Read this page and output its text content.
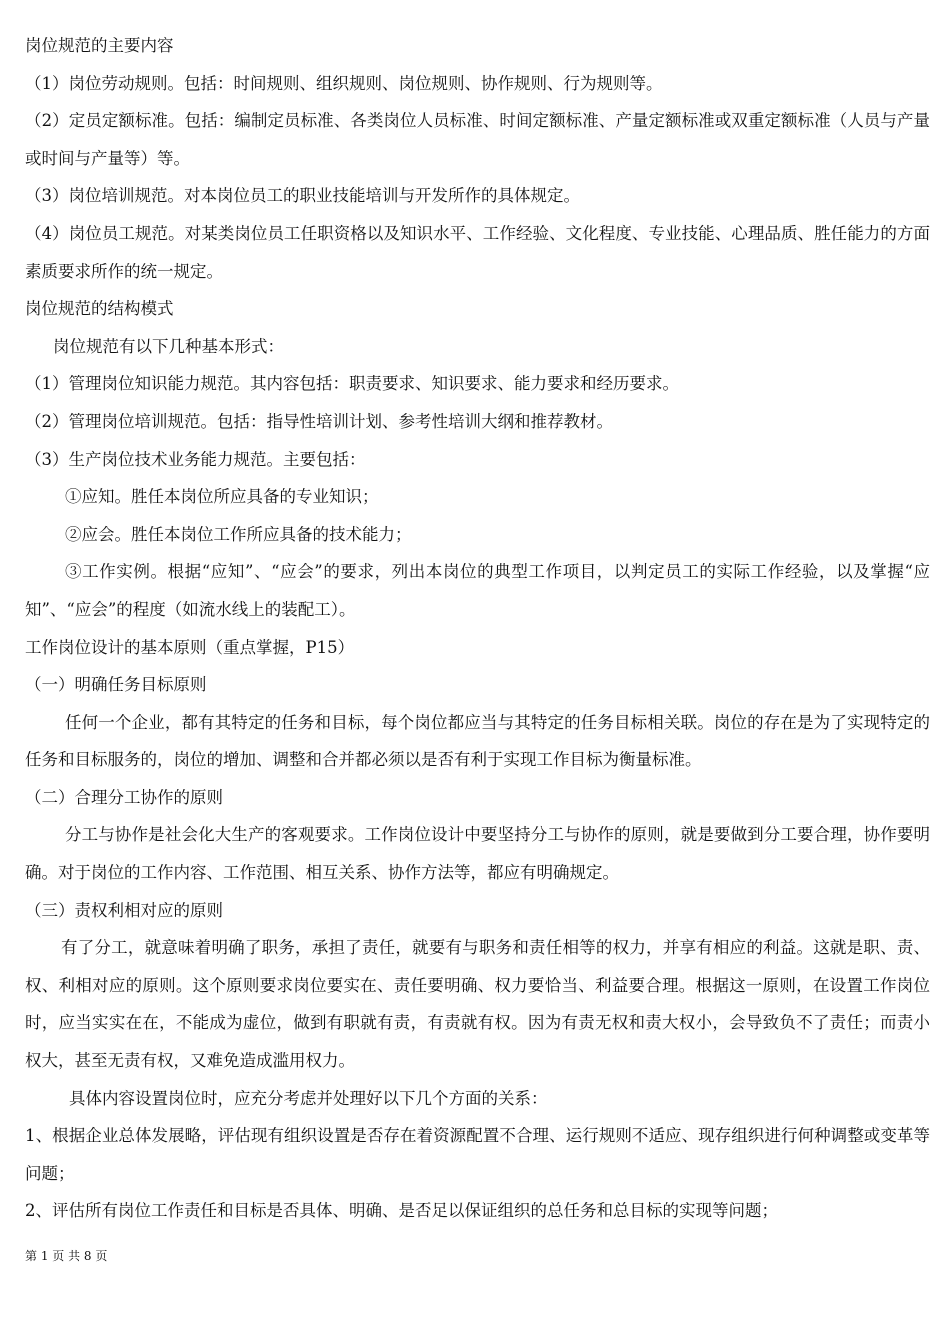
岗位规范的主要内容
（1）岗位劳动规则。包括：时间规则、组织规则、岗位规则、协作规则、行为规则等。
（2）定员定额标准。包括：编制定员标准、各类岗位人员标准、时间定额标准、产量定额标准或双重定额标准（人员与产量或时间与产量等）等。
（3）岗位培训规范。对本岗位员工的职业技能培训与开发所作的具体规定。
（4）岗位员工规范。对某类岗位员工任职资格以及知识水平、工作经验、文化程度、专业技能、心理品质、胜任能力的方面素质要求所作的统一规定。
岗位规范的结构模式
岗位规范有以下几种基本形式：
（1）管理岗位知识能力规范。其内容包括：职责要求、知识要求、能力要求和经历要求。
（2）管理岗位培训规范。包括：指导性培训计划、参考性培训大纲和推荐教材。
（3）生产岗位技术业务能力规范。主要包括：
①应知。胜任本岗位所应具备的专业知识；
②应会。胜任本岗位工作所应具备的技术能力；
③工作实例。根据“应知”、“应会”的要求，列出本岗位的典型工作项目，以判定员工的实际工作经验，以及掌握“应知”、“应会”的程度（如流水线上的装配工）。
工作岗位设计的基本原则（重点掌握，P15）
（一）明确任务目标原则
任何一个企业，都有其特定的任务和目标，每个岗位都应当与其特定的任务目标相关联。岗位的存在是为了实现特定的任务和目标服务的，岗位的增加、调整和合并都必须以是否有利于实现工作目标为衡量标准。
（二）合理分工协作的原则
分工与协作是社会化大生产的客观要求。工作岗位设计中要坚持分工与协作的原则，就是要做到分工要合理，协作要明确。对于岗位的工作内容、工作范围、相互关系、协作方法等，都应有明确规定。
（三）责权利相对应的原则
有了分工，就意味着明确了职务，承担了责任，就要有与职务和责任相等的权力，并享有相应的利益。这就是职、责、权、利相对应的原则。这个原则要求岗位要实在、责任要明确、权力要恰当、利益要合理。根据这一原则，在设置工作岗位时，应当实实在在，不能成为虚位，做到有职就有责，有责就有权。因为有责无权和责大权小，会导致负不了责任；而责小权大，甚至无责有权，又难免造成滥用权力。
具体内容设置岗位时，应充分考虑并处理好以下几个方面的关系：
1、根据企业总体发展略，评估现有组织设置是否存在着资源配置不合理、运行规则不适应、现存组织进行何种调整或变革等问题；
2、评估所有岗位工作责任和目标是否具体、明确、是否足以保证组织的总任务和总目标的实现等问题；
第 1 页 共 8 页
